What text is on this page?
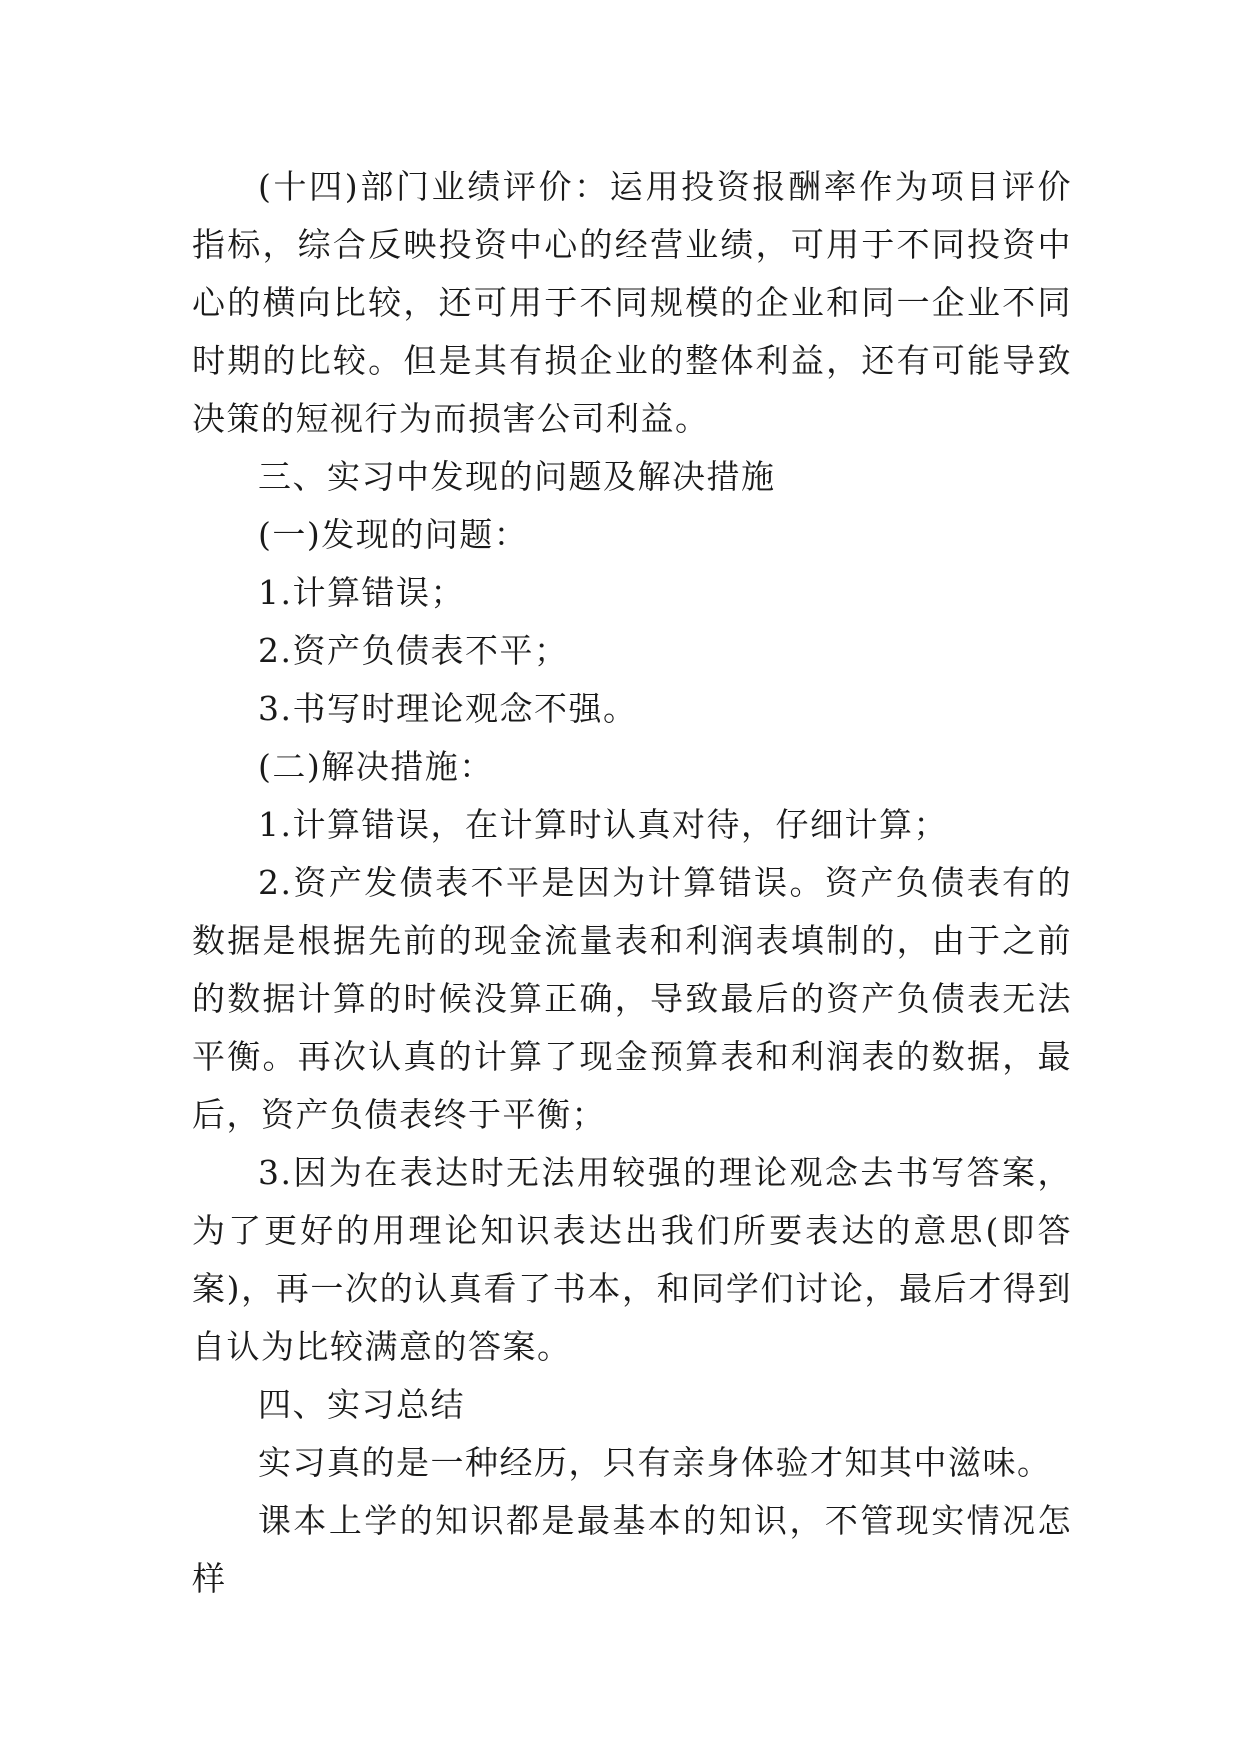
(十四)部门业绩评价：运用投资报酬率作为项目评价指标，综合反映投资中心的经营业绩，可用于不同投资中心的横向比较，还可用于不同规模的企业和同一企业不同时期的比较。但是其有损企业的整体利益，还有可能导致决策的短视行为而损害公司利益。

三、实习中发现的问题及解决措施

(一)发现的问题：

1.计算错误；

2.资产负债表不平；

3.书写时理论观念不强。

(二)解决措施：

1.计算错误，在计算时认真对待，仔细计算；

2.资产发债表不平是因为计算错误。资产负债表有的数据是根据先前的现金流量表和利润表填制的，由于之前的数据计算的时候没算正确，导致最后的资产负债表无法平衡。再次认真的计算了现金预算表和利润表的数据，最后，资产负债表终于平衡；

3.因为在表达时无法用较强的理论观念去书写答案，为了更好的用理论知识表达出我们所要表达的意思(即答案)，再一次的认真看了书本，和同学们讨论，最后才得到自认为比较满意的答案。

四、实习总结

实习真的是一种经历，只有亲身体验才知其中滋味。

课本上学的知识都是最基本的知识，不管现实情况怎样
